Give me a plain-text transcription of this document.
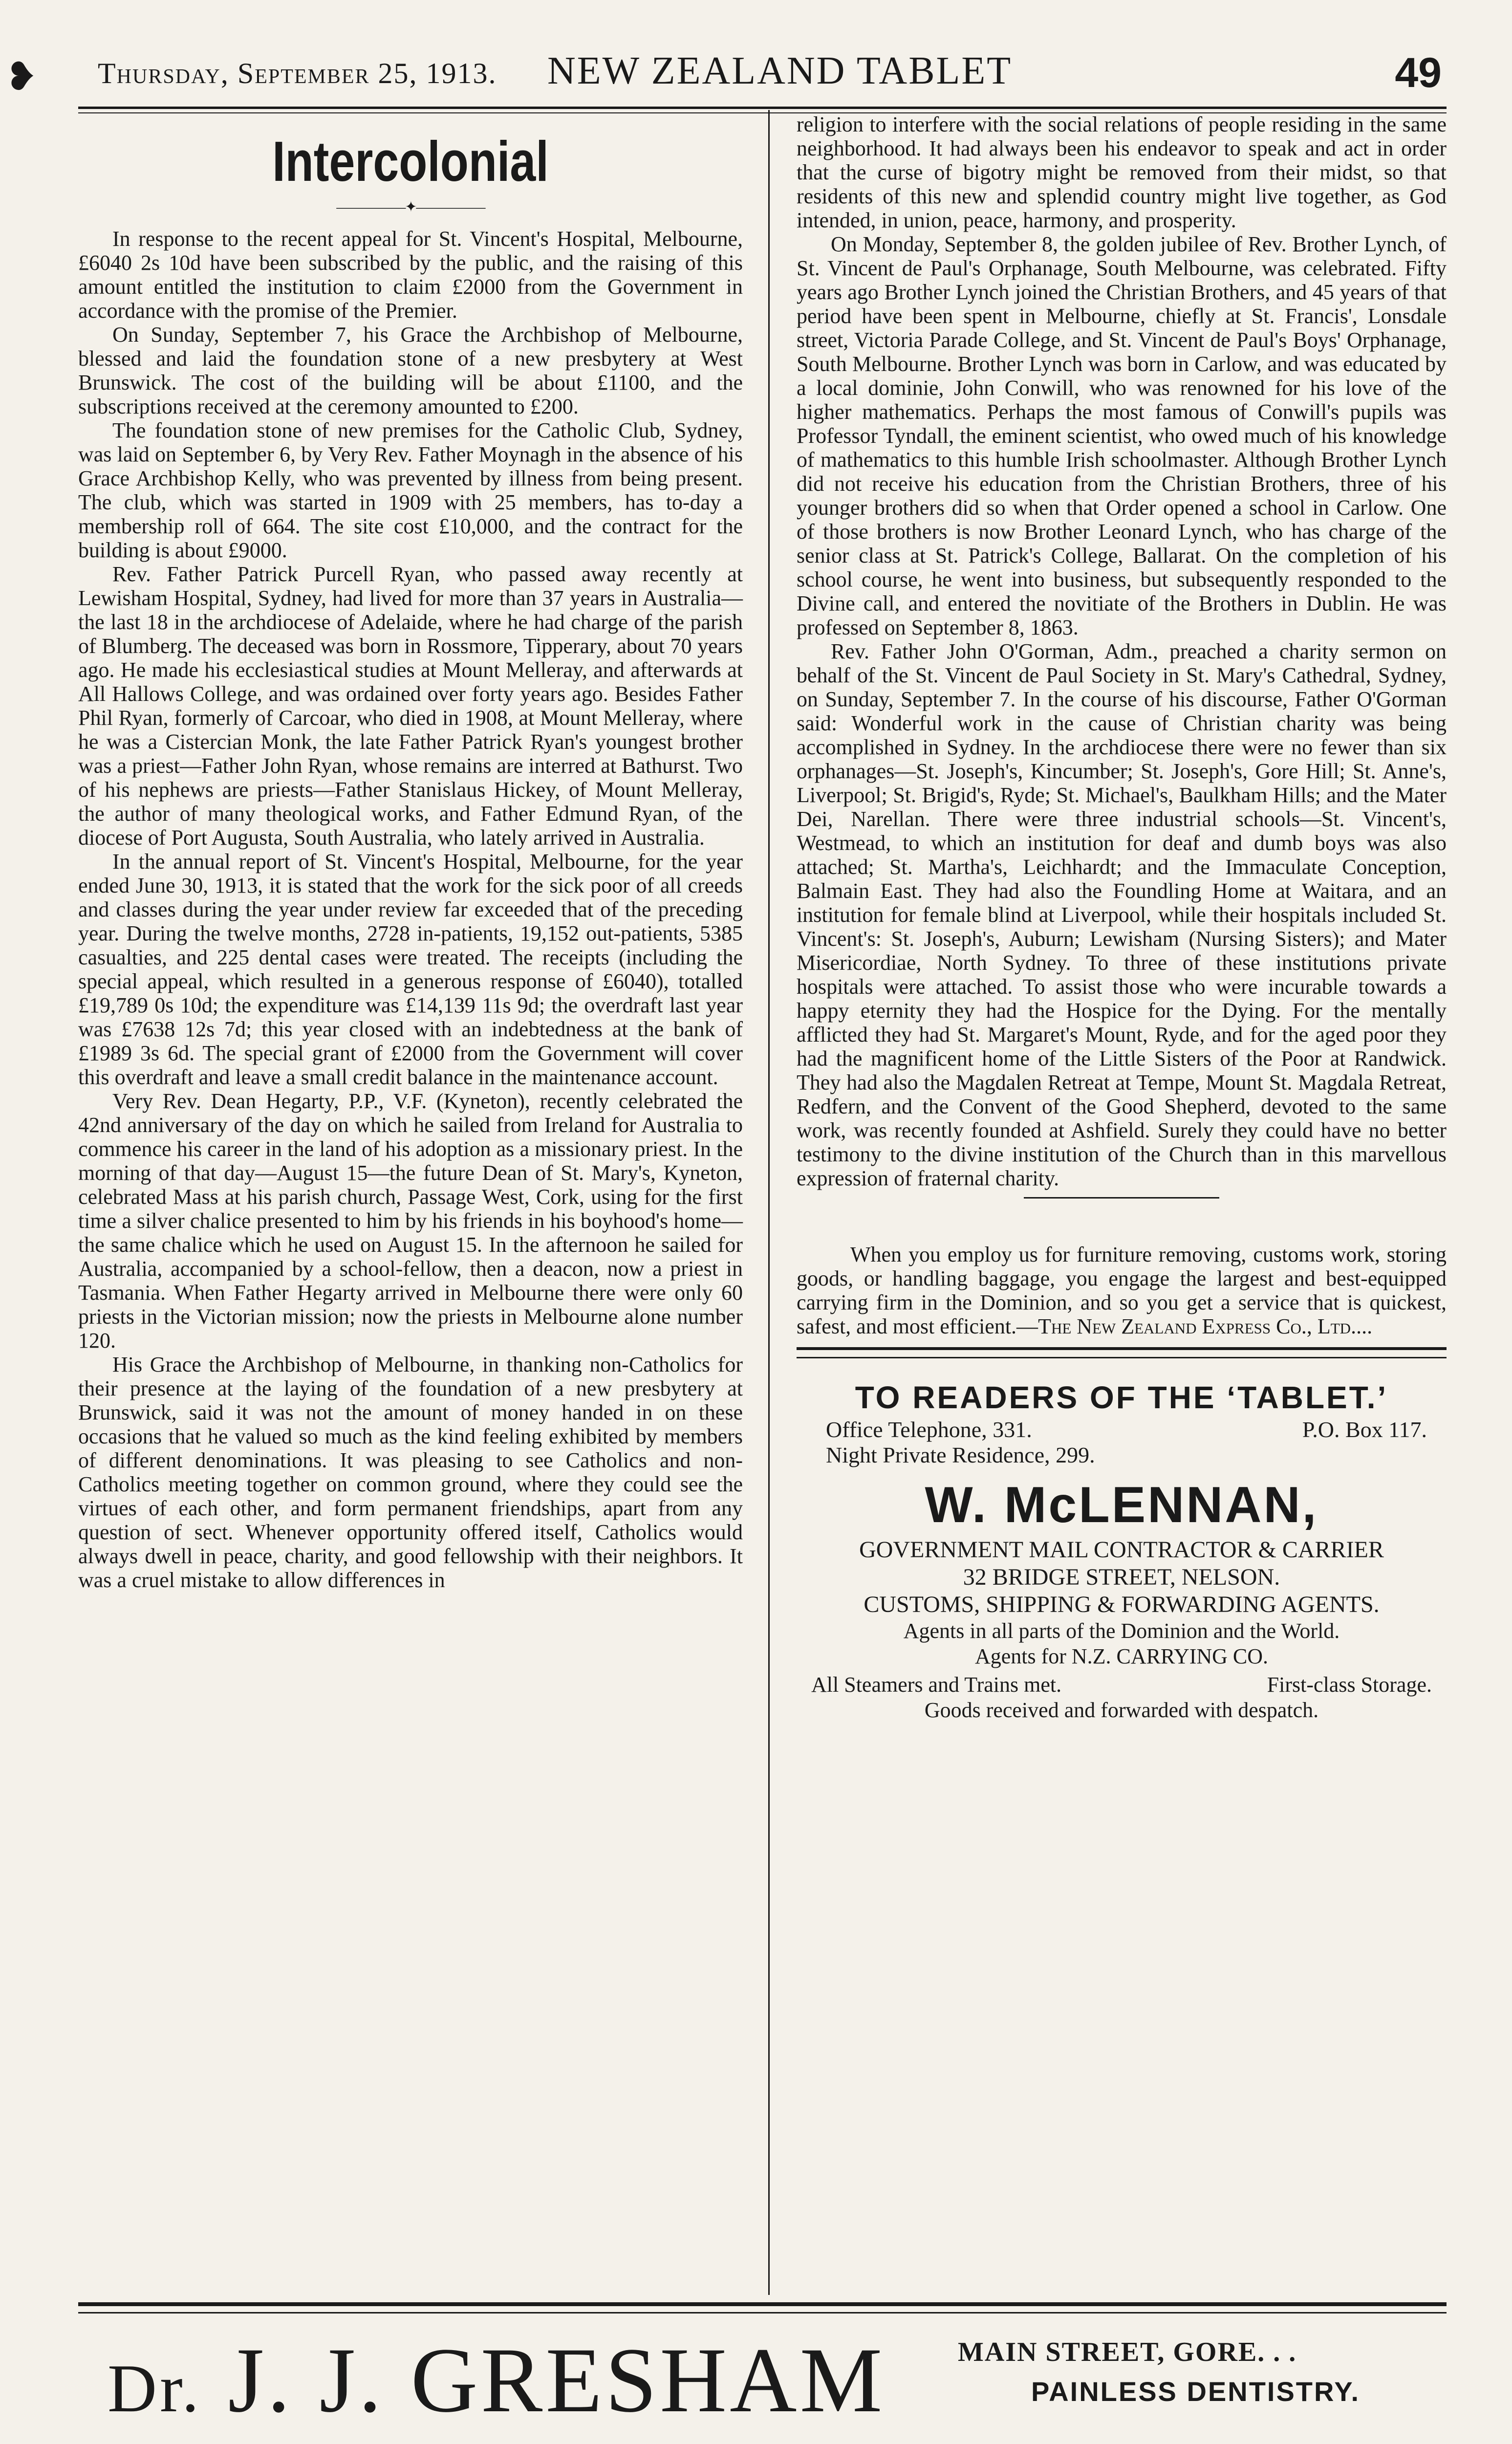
❥ Thursday, September 25, 1913. NEW ZEALAND TABLET	49
Intercolonial
—————✦—————

In response to the recent appeal for St. Vincent's Hospital, Melbourne, £6040 2s 10d have been subscribed by the public, and the raising of this amount entitled the institution to claim £2000 from the Government in accordance with the promise of the Premier.

On Sunday, September 7, his Grace the Archbishop of Melbourne, blessed and laid the foundation stone of a new presbytery at West Brunswick. The cost of the building will be about £1100, and the subscriptions received at the ceremony amounted to £200.

The foundation stone of new premises for the Catholic Club, Sydney, was laid on September 6, by Very Rev. Father Moynagh in the absence of his Grace Archbishop Kelly, who was prevented by illness from being present. The club, which was started in 1909 with 25 members, has to-day a membership roll of 664. The site cost £10,000, and the contract for the building is about £9000.

Rev. Father Patrick Purcell Ryan, who passed away recently at Lewisham Hospital, Sydney, had lived for more than 37 years in Australia—the last 18 in the archdiocese of Adelaide, where he had charge of the parish of Blumberg. The deceased was born in Rossmore, Tipperary, about 70 years ago. He made his ecclesiastical studies at Mount Melleray, and afterwards at All Hallows College, and was ordained over forty years ago. Besides Father Phil Ryan, formerly of Carcoar, who died in 1908, at Mount Melleray, where he was a Cistercian Monk, the late Father Patrick Ryan's youngest brother was a priest—Father John Ryan, whose remains are interred at Bathurst. Two of his nephews are priests—Father Stanislaus Hickey, of Mount Melleray, the author of many theological works, and Father Edmund Ryan, of the diocese of Port Augusta, South Australia, who lately arrived in Australia.

In the annual report of St. Vincent's Hospital, Melbourne, for the year ended June 30, 1913, it is stated that the work for the sick poor of all creeds and classes during the year under review far exceeded that of the preceding year. During the twelve months, 2728 in-patients, 19,152 out-patients, 5385 casualties, and 225 dental cases were treated. The receipts (including the special appeal, which resulted in a generous response of £6040), totalled £19,789 0s 10d; the expenditure was £14,139 11s 9d; the overdraft last year was £7638 12s 7d; this year closed with an indebtedness at the bank of £1989 3s 6d. The special grant of £2000 from the Government will cover this overdraft and leave a small credit balance in the maintenance account.

Very Rev. Dean Hegarty, P.P., V.F. (Kyneton), recently celebrated the 42nd anniversary of the day on which he sailed from Ireland for Australia to commence his career in the land of his adoption as a missionary priest. In the morning of that day—August 15—the future Dean of St. Mary's, Kyneton, celebrated Mass at his parish church, Passage West, Cork, using for the first time a silver chalice presented to him by his friends in his boyhood's home—the same chalice which he used on August 15. In the afternoon he sailed for Australia, accompanied by a school-fellow, then a deacon, now a priest in Tasmania. When Father Hegarty arrived in Melbourne there were only 60 priests in the Victorian mission; now the priests in Melbourne alone number 120.

His Grace the Archbishop of Melbourne, in thanking non-Catholics for their presence at the laying of the foundation of a new presbytery at Brunswick, said it was not the amount of money handed in on these occasions that he valued so much as the kind feeling exhibited by members of different denominations. It was pleasing to see Catholics and non-Catholics meeting together on common ground, where they could see the virtues of each other, and form permanent friendships, apart from any question of sect. Whenever opportunity offered itself, Catholics would always dwell in peace, charity, and good fellowship with their neighbors. It was a cruel mistake to allow differences in

religion to interfere with the social relations of people residing in the same neighborhood. It had always been his endeavor to speak and act in order that the curse of bigotry might be removed from their midst, so that residents of this new and splendid country might live together, as God intended, in union, peace, harmony, and prosperity.

On Monday, September 8, the golden jubilee of Rev. Brother Lynch, of St. Vincent de Paul's Orphanage, South Melbourne, was celebrated. Fifty years ago Brother Lynch joined the Christian Brothers, and 45 years of that period have been spent in Melbourne, chiefly at St. Francis', Lonsdale street, Victoria Parade College, and St. Vincent de Paul's Boys' Orphanage, South Melbourne. Brother Lynch was born in Carlow, and was educated by a local dominie, John Conwill, who was renowned for his love of the higher mathematics. Perhaps the most famous of Conwill's pupils was Professor Tyndall, the eminent scientist, who owed much of his knowledge of mathematics to this humble Irish schoolmaster. Although Brother Lynch did not receive his education from the Christian Brothers, three of his younger brothers did so when that Order opened a school in Carlow. One of those brothers is now Brother Leonard Lynch, who has charge of the senior class at St. Patrick's College, Ballarat. On the completion of his school course, he went into business, but subsequently responded to the Divine call, and entered the novitiate of the Brothers in Dublin. He was professed on September 8, 1863.

Rev. Father John O'Gorman, Adm., preached a charity sermon on behalf of the St. Vincent de Paul Society in St. Mary's Cathedral, Sydney, on Sunday, September 7. In the course of his discourse, Father O'Gorman said: Wonderful work in the cause of Christian charity was being accomplished in Sydney. In the archdiocese there were no fewer than six orphanages—St. Joseph's, Kincumber; St. Joseph's, Gore Hill; St. Anne's, Liverpool; St. Brigid's, Ryde; St. Michael's, Baulkham Hills; and the Mater Dei, Narellan. There were three industrial schools—St. Vincent's, Westmead, to which an institution for deaf and dumb boys was also attached; St. Martha's, Leichhardt; and the Immaculate Conception, Balmain East. They had also the Foundling Home at Waitara, and an institution for female blind at Liverpool, while their hospitals included St. Vincent's: St. Joseph's, Auburn; Lewisham (Nursing Sisters); and Mater Misericordiae, North Sydney. To three of these institutions private hospitals were attached. To assist those who were incurable towards a happy eternity they had the Hospice for the Dying. For the mentally afflicted they had St. Margaret's Mount, Ryde, and for the aged poor they had the magnificent home of the Little Sisters of the Poor at Randwick. They had also the Magdalen Retreat at Tempe, Mount St. Magdala Retreat, Redfern, and the Convent of the Good Shepherd, devoted to the same work, was recently founded at Ashfield. Surely they could have no better testimony to the divine institution of the Church than in this marvellous expression of fraternal charity.

When you employ us for furniture removing, customs work, storing goods, or handling baggage, you engage the largest and best-equipped carrying firm in the Dominion, and so you get a service that is quickest, safest, and most efficient.—The New Zealand Express Co., Ltd....

TO READERS OF THE ‘TABLET.’
Office Telephone, 331.	P.O. Box 117.
Night Private Residence, 299.
W. McLENNAN,
GOVERNMENT MAIL CONTRACTOR & CARRIER
32 BRIDGE STREET, NELSON.
CUSTOMS, SHIPPING & FORWARDING AGENTS.
Agents in all parts of the Dominion and the World.
Agents for N.Z. CARRYING CO.
All Steamers and Trains met.	First-class Storage.
Goods received and forwarded with despatch.
Dr. J. J. GRESHAM	MAIN STREET, GORE. . .
PAINLESS DENTISTRY.
